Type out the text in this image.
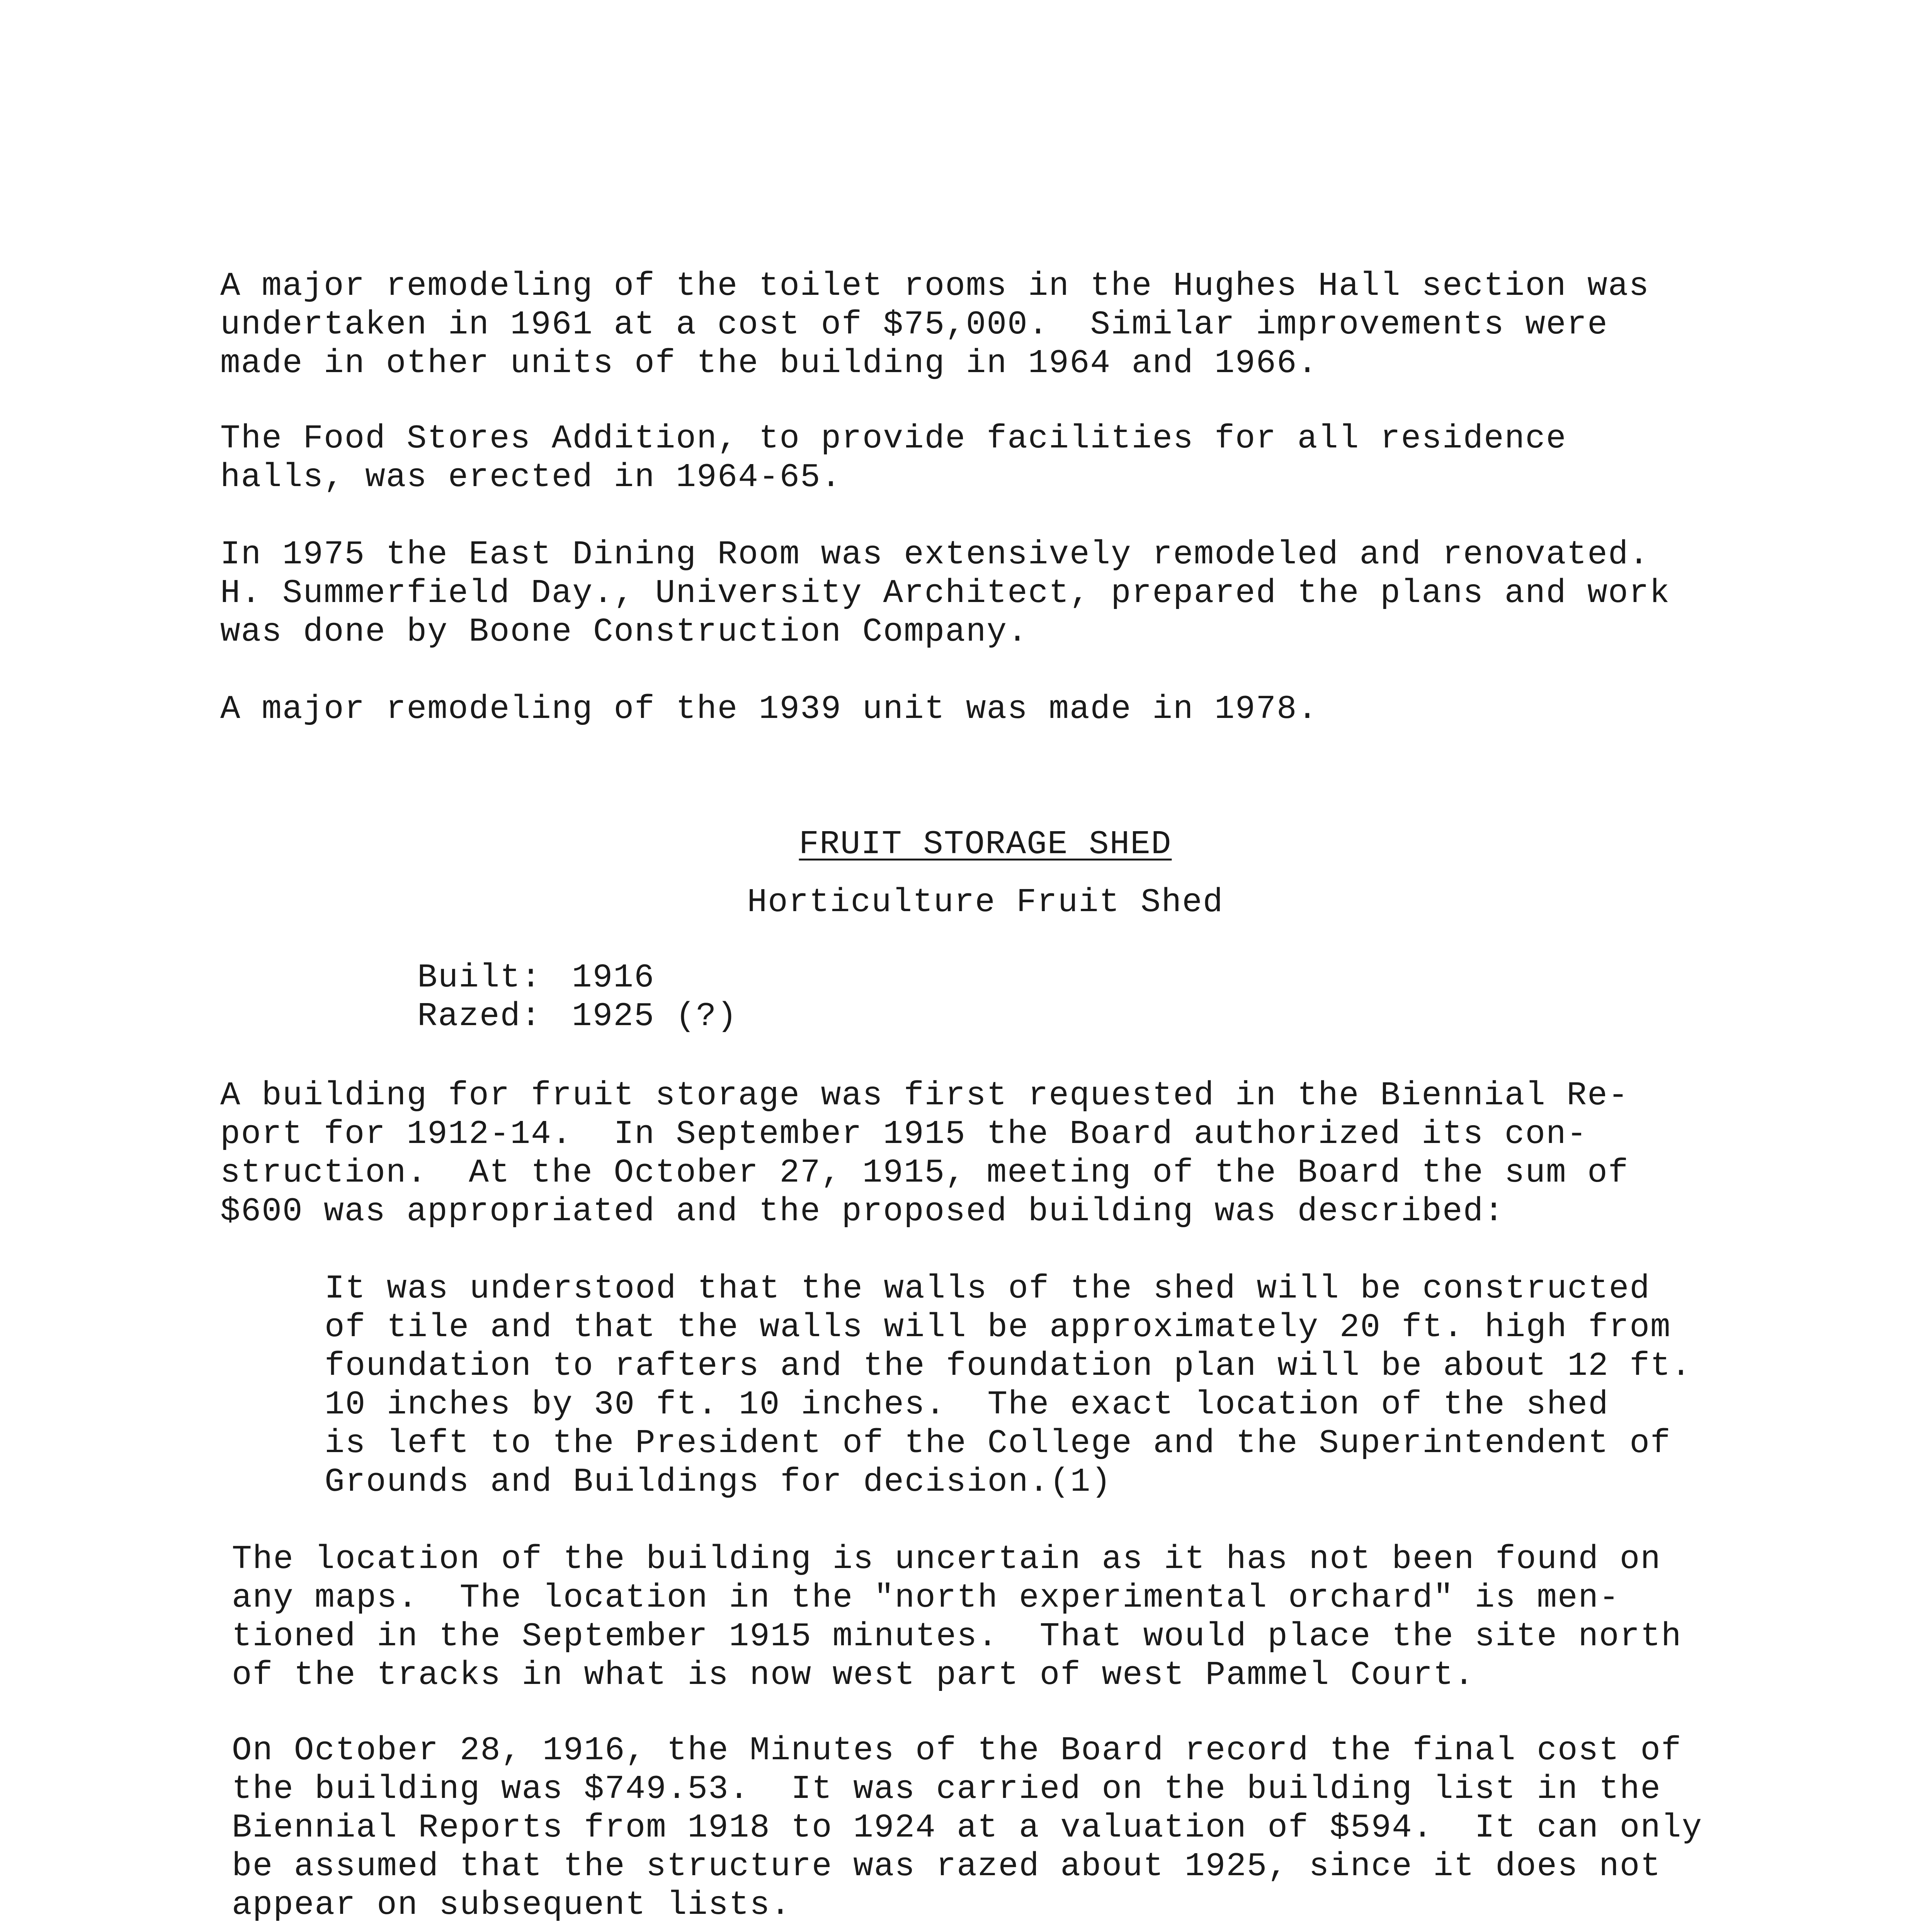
A major remodeling of the toilet rooms in the Hughes Hall section was
undertaken in 1961 at a cost of $75,000.  Similar improvements were
made in other units of the building in 1964 and 1966.
The Food Stores Addition, to provide facilities for all residence
halls, was erected in 1964-65.
In 1975 the East Dining Room was extensively remodeled and renovated.
H. Summerfield Day., University Architect, prepared the plans and work
was done by Boone Construction Company.
A major remodeling of the 1939 unit was made in 1978.
FRUIT STORAGE SHED
Horticulture Fruit Shed
Built: 1916
Razed: 1925 (?)
A building for fruit storage was first requested in the Biennial Re-
port for 1912-14.  In September 1915 the Board authorized its con-
struction.  At the October 27, 1915, meeting of the Board the sum of
$600 was appropriated and the proposed building was described:
It was understood that the walls of the shed will be constructed
of tile and that the walls will be approximately 20 ft. high from
foundation to rafters and the foundation plan will be about 12 ft.
10 inches by 30 ft. 10 inches.  The exact location of the shed
is left to the President of the College and the Superintendent of
Grounds and Buildings for decision.(1)
The location of the building is uncertain as it has not been found on
any maps.  The location in the "north experimental orchard" is men-
tioned in the September 1915 minutes.  That would place the site north
of the tracks in what is now west part of west Pammel Court.
On October 28, 1916, the Minutes of the Board record the final cost of
the building was $749.53.  It was carried on the building list in the
Biennial Reports from 1918 to 1924 at a valuation of $594.  It can only
be assumed that the structure was razed about 1925, since it does not
appear on subsequent lists.
